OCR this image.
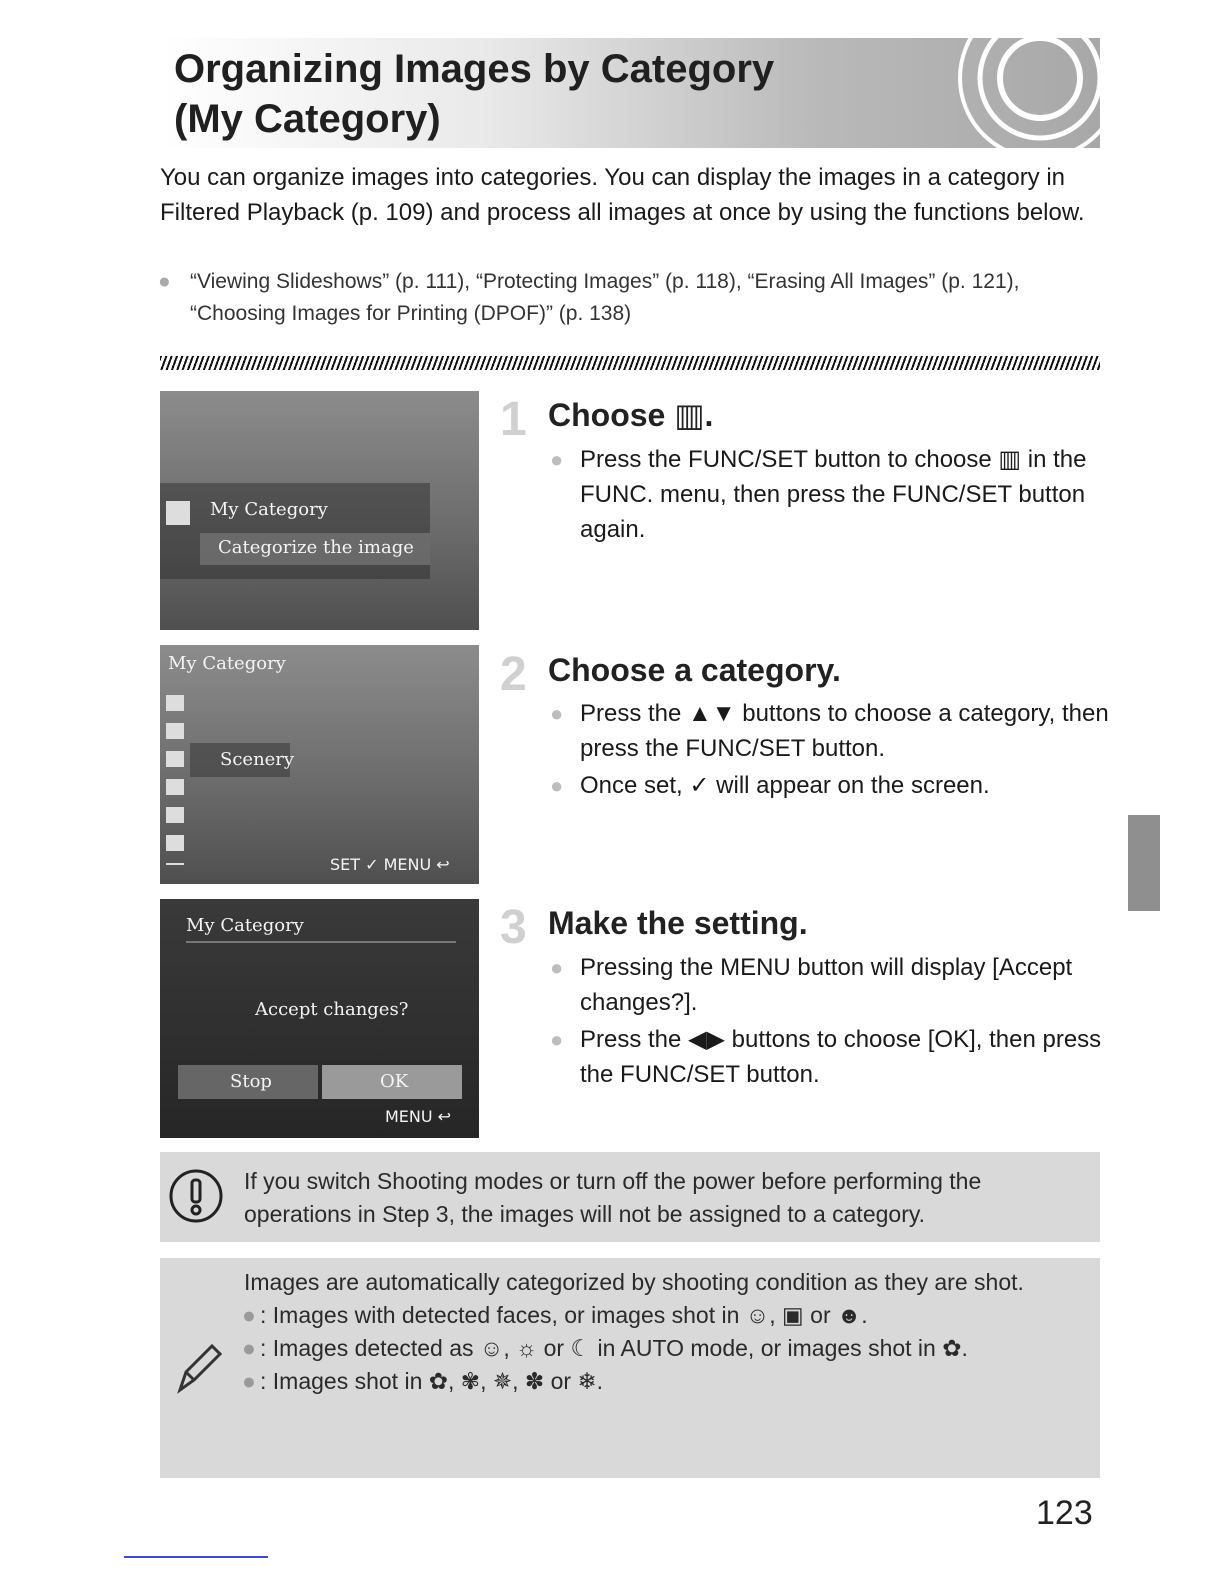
Organizing Images by Category
(My Category)
You can organize images into categories. You can display the images in a category in Filtered Playback (p. 109) and process all images at once by using the functions below.
● “Viewing Slideshows” (p. 111), “Protecting Images” (p. 118), “Erasing All Images” (p. 121), “Choosing Images for Printing (DPOF)” (p. 138)
My Category
Categorize the image
My Category
Scenery
SET ✓ MENU ↩
My Category
Accept changes?
Stop	OK
MENU ↩
1 Choose ▥.
● Press the FUNC/SET button to choose ▥ in the FUNC. menu, then press the FUNC/SET button again.
2 Choose a category.
● Press the ▲▼ buttons to choose a category, then press the FUNC/SET button.
● Once set, ✓ will appear on the screen.
3 Make the setting.
● Pressing the MENU button will display [Accept changes?].
● Press the ◀▶ buttons to choose [OK], then press the FUNC/SET button.
If you switch Shooting modes or turn off the power before performing the operations in Step 3, the images will not be assigned to a category.
Images are automatically categorized by shooting condition as they are shot.
● : Images with detected faces, or images shot in ☺, ▣ or ☻.
● : Images detected as ☺, ☼ or ☾ in AUTO mode, or images shot in ✿.
● : Images shot in ✿, ✾, ✵, ✽ or ❄.
123
